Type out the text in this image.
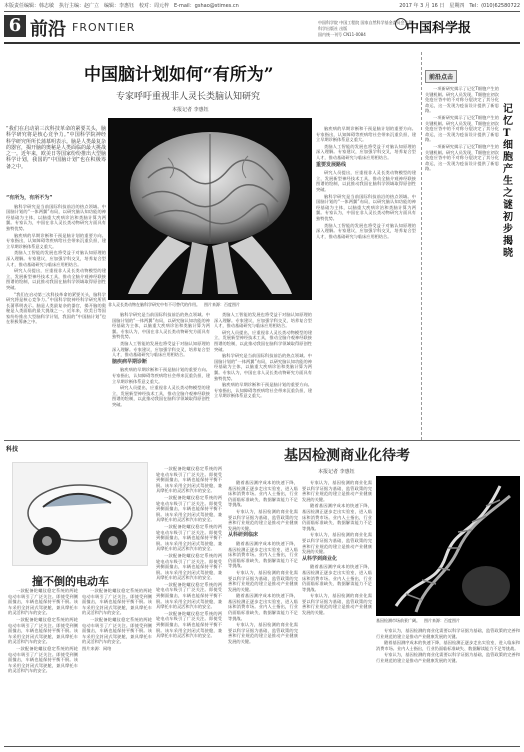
本版责任编辑：韩志敏　执行主编：赵广立　编辑：李惠钰　校对：周元梓　E-mail：gshao@stimes.cn	2017 年 3 月 16 日　星期四　Tel：(010)62580722
6 前沿 FRONTIER	中国科学院 中国工程院 国家自然科学基金委员会主管
科学出版社 出版
国内统一刊号 CN11-0084	中国科学报
中国脑计划如何“有所为”
专家呼吁重视非人灵长类脑认知研究
本报记者 李惠钰
“我们在启动第三次科技革命的紧要关头，脑科学研究将是核心竞争力。”中国科学院神经科学研究所所长蒲慕明表示。脑是人类最复杂的器官，揭开脑的奥秘是人类面临的最大挑战之一。近年来，欧美日等国家纷纷推出大型脑科学计划，我国的“中国脑计划”也在积极筹备之中。
非人灵长类动物在脑科学研究中有不可替代的作用。　图片来源：百度图片
“有所为，有所不为”

脑科学研究是当前国际科技前沿的热点领域。中国脑计划的“一体两翼”布局，以研究脑认知功能的神经基础为主体，以脑重大疾病诊治和类脑计算为两翼。专家认为，中国在非人灵长类动物研究方面具有独特优势。

脑疾病的早期诊断和干预是脑计划的重要方向。专家指出，认知障碍等疾病给社会带来沉重负担，建立早期诊断体系意义重大。

类脑人工智能的发展也将受益于对脑认知原理的深入理解。专家建议，应加强学科交叉，培养复合型人才，推动基础研究与临床应用相结合。

研究人员提出，应重视非人灵长类动物模型的建立，发展新型神经技术工具，推动全脑介观神经联接图谱的绘制，以此推动我国在脑科学领域取得原创性突破。

“我们在启动第三次科技革命的紧要关头，脑科学研究将是核心竞争力。”中国科学院神经科学研究所所长蒲慕明表示。脑是人类最复杂的器官，揭开脑的奥秘是人类面临的最大挑战之一。近年来，欧美日等国家纷纷推出大型脑科学计划，我国的“中国脑计划”也在积极筹备之中。

脑科学研究是当前国际科技前沿的热点领域。中国脑计划的“一体两翼”布局，以研究脑认知功能的神经基础为主体，以脑重大疾病诊治和类脑计算为两翼。专家认为，中国在非人灵长类动物研究方面具有独特优势。

类脑人工智能的发展也将受益于对脑认知原理的深入理解。专家建议，应加强学科交叉，培养复合型人才，推动基础研究与临床应用相结合。

脑疾病早期诊断

脑疾病的早期诊断和干预是脑计划的重要方向。专家指出，认知障碍等疾病给社会带来沉重负担，建立早期诊断体系意义重大。

研究人员提出，应重视非人灵长类动物模型的建立，发展新型神经技术工具，推动全脑介观神经联接图谱的绘制，以此推动我国在脑科学领域取得原创性突破。

类脑人工智能的发展也将受益于对脑认知原理的深入理解。专家建议，应加强学科交叉，培养复合型人才，推动基础研究与临床应用相结合。

研究人员提出，应重视非人灵长类动物模型的建立，发展新型神经技术工具，推动全脑介观神经联接图谱的绘制，以此推动我国在脑科学领域取得原创性突破。

脑科学研究是当前国际科技前沿的热点领域。中国脑计划的“一体两翼”布局，以研究脑认知功能的神经基础为主体，以脑重大疾病诊治和类脑计算为两翼。专家认为，中国在非人灵长类动物研究方面具有独特优势。

脑疾病的早期诊断和干预是脑计划的重要方向。专家指出，认知障碍等疾病给社会带来沉重负担，建立早期诊断体系意义重大。

脑疾病的早期诊断和干预是脑计划的重要方向。专家指出，认知障碍等疾病给社会带来沉重负担，建立早期诊断体系意义重大。

类脑人工智能的发展也将受益于对脑认知原理的深入理解。专家建议，应加强学科交叉，培养复合型人才，推动基础研究与临床应用相结合。

重要发展路线

研究人员提出，应重视非人灵长类动物模型的建立，发展新型神经技术工具，推动全脑介观神经联接图谱的绘制，以此推动我国在脑科学领域取得原创性突破。

脑科学研究是当前国际科技前沿的热点领域。中国脑计划的“一体两翼”布局，以研究脑认知功能的神经基础为主体，以脑重大疾病诊治和类脑计算为两翼。专家认为，中国在非人灵长类动物研究方面具有独特优势。

类脑人工智能的发展也将受益于对脑认知原理的深入理解。专家建议，应加强学科交叉，培养复合型人才，推动基础研究与临床应用相结合。

前沿点击
记忆T细胞产生之谜初步揭晓

一项新研究揭示了记忆T细胞产生的关键机制。研究人员发现，T细胞在初次免疫应答中的不对称分裂决定了其分化命运，这一发现为疫苗设计提供了新思路。

一项新研究揭示了记忆T细胞产生的关键机制。研究人员发现，T细胞在初次免疫应答中的不对称分裂决定了其分化命运，这一发现为疫苗设计提供了新思路。

一项新研究揭示了记忆T细胞产生的关键机制。研究人员发现，T细胞在初次免疫应答中的不对称分裂决定了其分化命运，这一发现为疫苗设计提供了新思路。

科技
撞不倒的电动车

一款配备陀螺仪稳定系统的两轮电动车吸引了广泛关注。即使受到侧面撞击，车辆也能保持平衡不倒。该车采用全封闭式驾驶舱，兼具摩托车的灵活和汽车的安全。

一款配备陀螺仪稳定系统的两轮电动车吸引了广泛关注。即使受到侧面撞击，车辆也能保持平衡不倒。该车采用全封闭式驾驶舱，兼具摩托车的灵活和汽车的安全。

一款配备陀螺仪稳定系统的两轮电动车吸引了广泛关注。即使受到侧面撞击，车辆也能保持平衡不倒。该车采用全封闭式驾驶舱，兼具摩托车的灵活和汽车的安全。

一款配备陀螺仪稳定系统的两轮电动车吸引了广泛关注。即使受到侧面撞击，车辆也能保持平衡不倒。该车采用全封闭式驾驶舱，兼具摩托车的灵活和汽车的安全。

一款配备陀螺仪稳定系统的两轮电动车吸引了广泛关注。即使受到侧面撞击，车辆也能保持平衡不倒。该车采用全封闭式驾驶舱，兼具摩托车的灵活和汽车的安全。

图片来源：网络

一款配备陀螺仪稳定系统的两轮电动车吸引了广泛关注。即使受到侧面撞击，车辆也能保持平衡不倒。该车采用全封闭式驾驶舱，兼具摩托车的灵活和汽车的安全。

一款配备陀螺仪稳定系统的两轮电动车吸引了广泛关注。即使受到侧面撞击，车辆也能保持平衡不倒。该车采用全封闭式驾驶舱，兼具摩托车的灵活和汽车的安全。

一款配备陀螺仪稳定系统的两轮电动车吸引了广泛关注。即使受到侧面撞击，车辆也能保持平衡不倒。该车采用全封闭式驾驶舱，兼具摩托车的灵活和汽车的安全。

一款配备陀螺仪稳定系统的两轮电动车吸引了广泛关注。即使受到侧面撞击，车辆也能保持平衡不倒。该车采用全封闭式驾驶舱，兼具摩托车的灵活和汽车的安全。

一款配备陀螺仪稳定系统的两轮电动车吸引了广泛关注。即使受到侧面撞击，车辆也能保持平衡不倒。该车采用全封闭式驾驶舱，兼具摩托车的灵活和汽车的安全。

一款配备陀螺仪稳定系统的两轮电动车吸引了广泛关注。即使受到侧面撞击，车辆也能保持平衡不倒。该车采用全封闭式驾驶舱，兼具摩托车的灵活和汽车的安全。

基因检测商业化待考
本报记者 李惠钰

随着基因测序成本的快速下降，基因检测正逐步走出实验室，进入临床和消费市场。业内人士指出，行业仍面临标准缺失、数据解读能力不足等挑战。

专家认为，基因检测的商业化需要以科学证据为基础，监管政策的完善和行业规范的建立是推动产业健康发展的关键。

从科研到临床

随着基因测序成本的快速下降，基因检测正逐步走出实验室，进入临床和消费市场。业内人士指出，行业仍面临标准缺失、数据解读能力不足等挑战。

专家认为，基因检测的商业化需要以科学证据为基础，监管政策的完善和行业规范的建立是推动产业健康发展的关键。

随着基因测序成本的快速下降，基因检测正逐步走出实验室，进入临床和消费市场。业内人士指出，行业仍面临标准缺失、数据解读能力不足等挑战。

专家认为，基因检测的商业化需要以科学证据为基础，监管政策的完善和行业规范的建立是推动产业健康发展的关键。

专家认为，基因检测的商业化需要以科学证据为基础，监管政策的完善和行业规范的建立是推动产业健康发展的关键。

随着基因测序成本的快速下降，基因检测正逐步走出实验室，进入临床和消费市场。业内人士指出，行业仍面临标准缺失、数据解读能力不足等挑战。

专家认为，基因检测的商业化需要以科学证据为基础，监管政策的完善和行业规范的建立是推动产业健康发展的关键。

从科学到商业化

随着基因测序成本的快速下降，基因检测正逐步走出实验室，进入临床和消费市场。业内人士指出，行业仍面临标准缺失、数据解读能力不足等挑战。

专家认为，基因检测的商业化需要以科学证据为基础，监管政策的完善和行业规范的建立是推动产业健康发展的关键。

基因检测市场前景广阔。　图片来源：百度图片

专家认为，基因检测的商业化需要以科学证据为基础，监管政策的完善和行业规范的建立是推动产业健康发展的关键。

随着基因测序成本的快速下降，基因检测正逐步走出实验室，进入临床和消费市场。业内人士指出，行业仍面临标准缺失、数据解读能力不足等挑战。

专家认为，基因检测的商业化需要以科学证据为基础，监管政策的完善和行业规范的建立是推动产业健康发展的关键。
